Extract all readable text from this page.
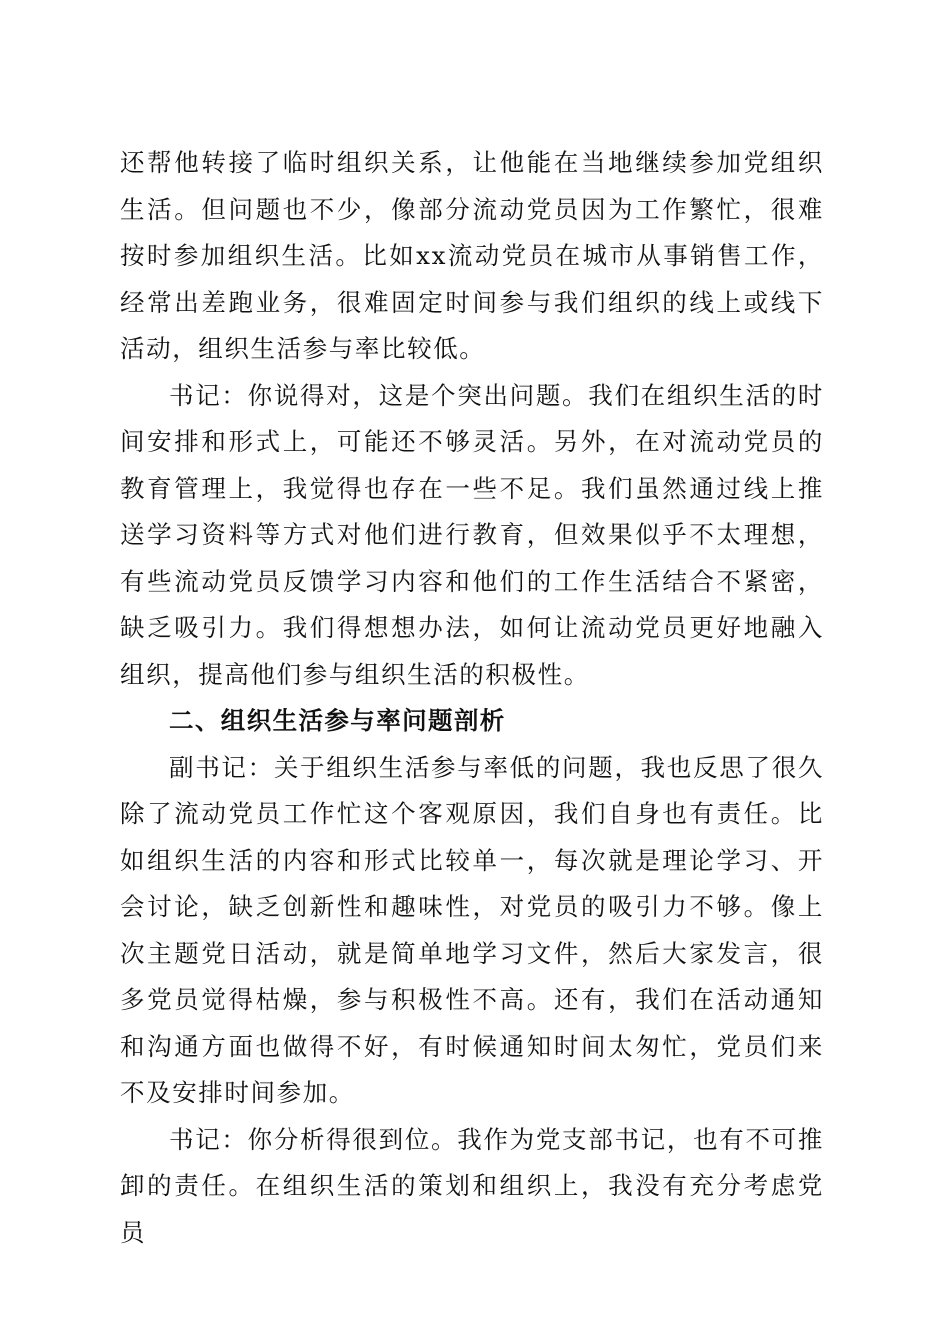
还帮他转接了临时组织关系，让他能在当地继续参加党组织生活。但问题也不少，像部分流动党员因为工作繁忙，很难按时参加组织生活。比如xx流动党员在城市从事销售工作，经常出差跑业务，很难固定时间参与我们组织的线上或线下活动，组织生活参与率比较低。

书记：你说得对，这是个突出问题。我们在组织生活的时间安排和形式上，可能还不够灵活。另外，在对流动党员的教育管理上，我觉得也存在一些不足。我们虽然通过线上推送学习资料等方式对他们进行教育，但效果似乎不太理想，有些流动党员反馈学习内容和他们的工作生活结合不紧密，缺乏吸引力。我们得想想办法，如何让流动党员更好地融入组织，提高他们参与组织生活的积极性。

二、组织生活参与率问题剖析

副书记：关于组织生活参与率低的问题，我也反思了很久除了流动党员工作忙这个客观原因，我们自身也有责任。比如组织生活的内容和形式比较单一，每次就是理论学习、开会讨论，缺乏创新性和趣味性，对党员的吸引力不够。像上次主题党日活动，就是简单地学习文件，然后大家发言，很多党员觉得枯燥，参与积极性不高。还有，我们在活动通知和沟通方面也做得不好，有时候通知时间太匆忙，党员们来不及安排时间参加。

书记：你分析得很到位。我作为党支部书记，也有不可推卸的责任。在组织生活的策划和组织上，我没有充分考虑党员
